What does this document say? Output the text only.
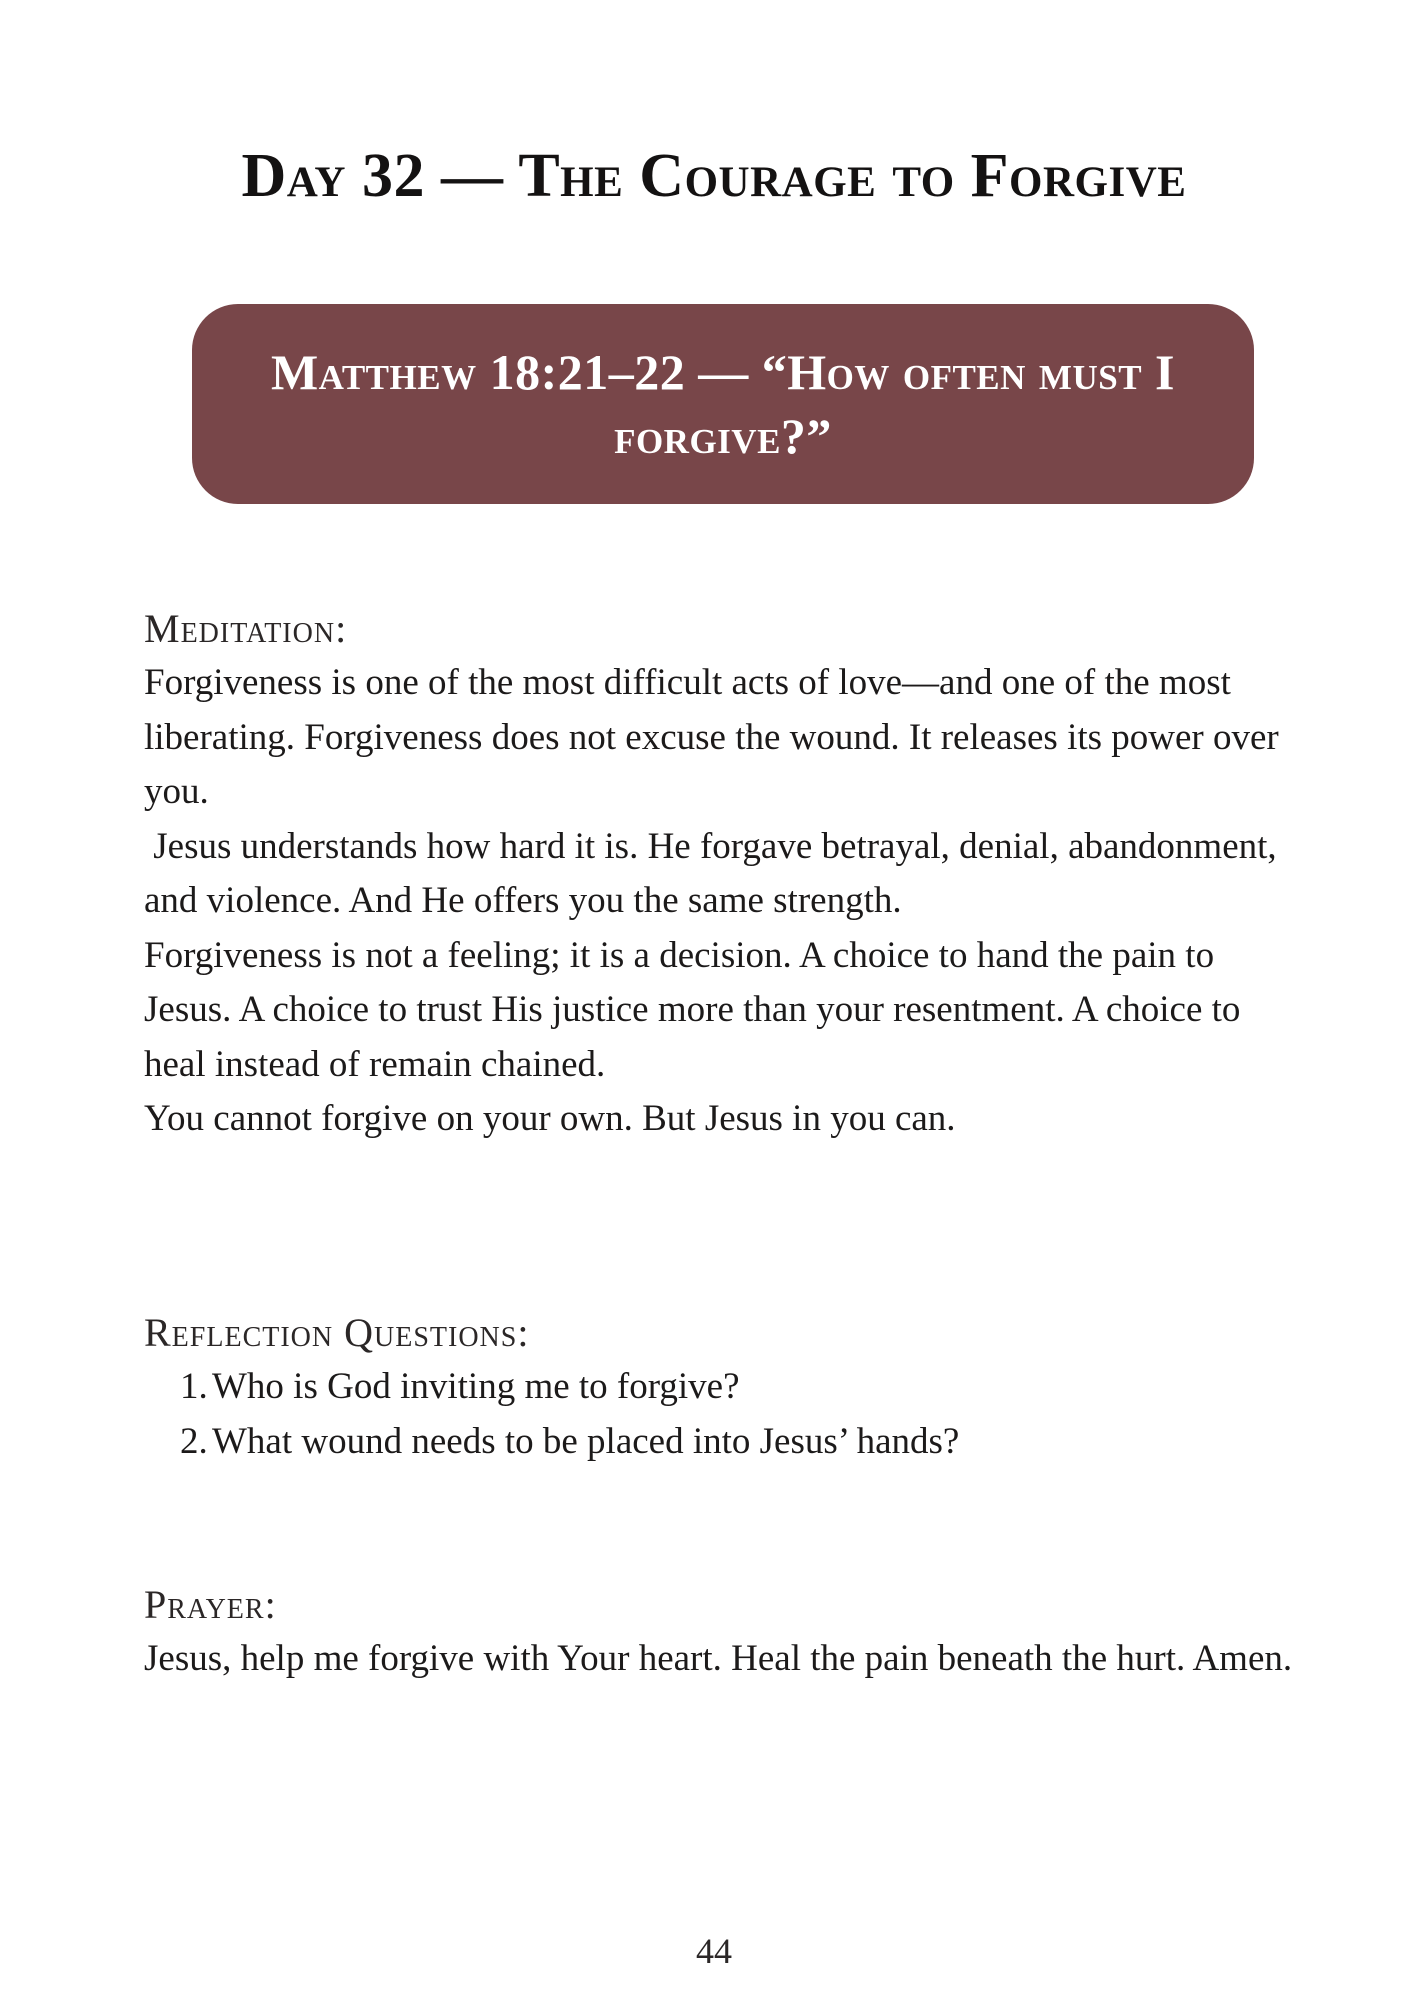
Day 32 — The Courage to Forgive
Matthew 18:21–22 — “How often must I
forgive?”
Meditation:

Forgiveness is one of the most difficult acts of love—and one of the most liberating. Forgiveness does not excuse the wound. It releases its power over you.

Jesus understands how hard it is. He forgave betrayal, denial, abandonment, and violence. And He offers you the same strength.

Forgiveness is not a feeling; it is a decision. A choice to hand the pain to Jesus. A choice to trust His justice more than your resentment. A choice to heal instead of remain chained.

You cannot forgive on your own. But Jesus in you can.

Reflection Questions:
1. Who is God inviting me to forgive?
2. What wound needs to be placed into Jesus’ hands?
Prayer:

Jesus, help me forgive with Your heart. Heal the pain beneath the hurt. Amen.

44
